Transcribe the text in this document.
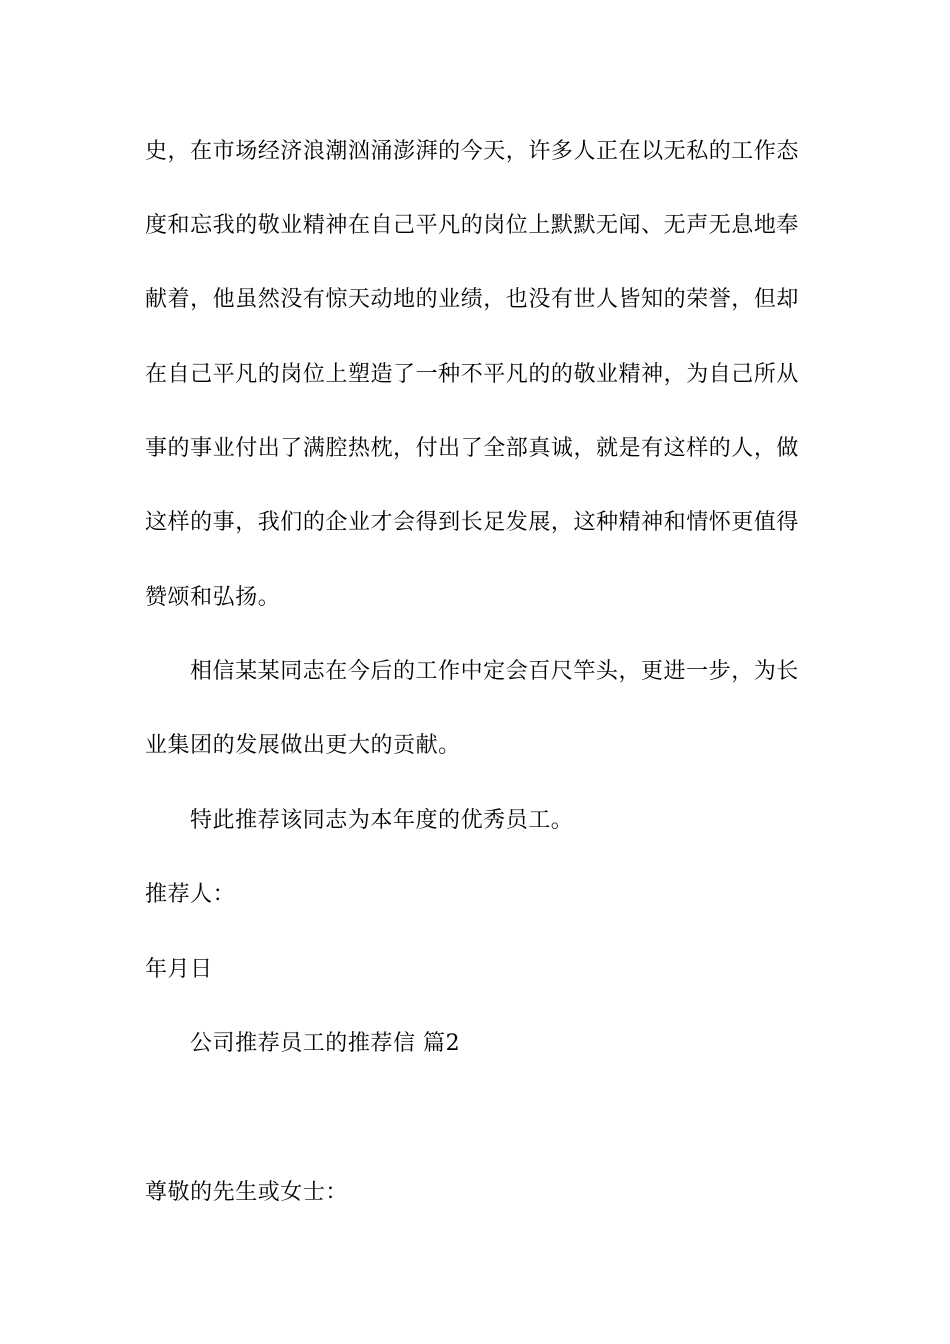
史，在市场经济浪潮汹涌澎湃的今天，许多人正在以无私的工作态
度和忘我的敬业精神在自己平凡的岗位上默默无闻、无声无息地奉
献着，他虽然没有惊天动地的业绩，也没有世人皆知的荣誉，但却
在自己平凡的岗位上塑造了一种不平凡的的敬业精神，为自己所从
事的事业付出了满腔热枕，付出了全部真诚，就是有这样的人，做
这样的事，我们的企业才会得到长足发展，这种精神和情怀更值得
赞颂和弘扬。
相信某某同志在今后的工作中定会百尺竿头，更进一步，为长
业集团的发展做出更大的贡献。
特此推荐该同志为本年度的优秀员工。
推荐人：
年月日
公司推荐员工的推荐信 篇2
尊敬的先生或女士：
